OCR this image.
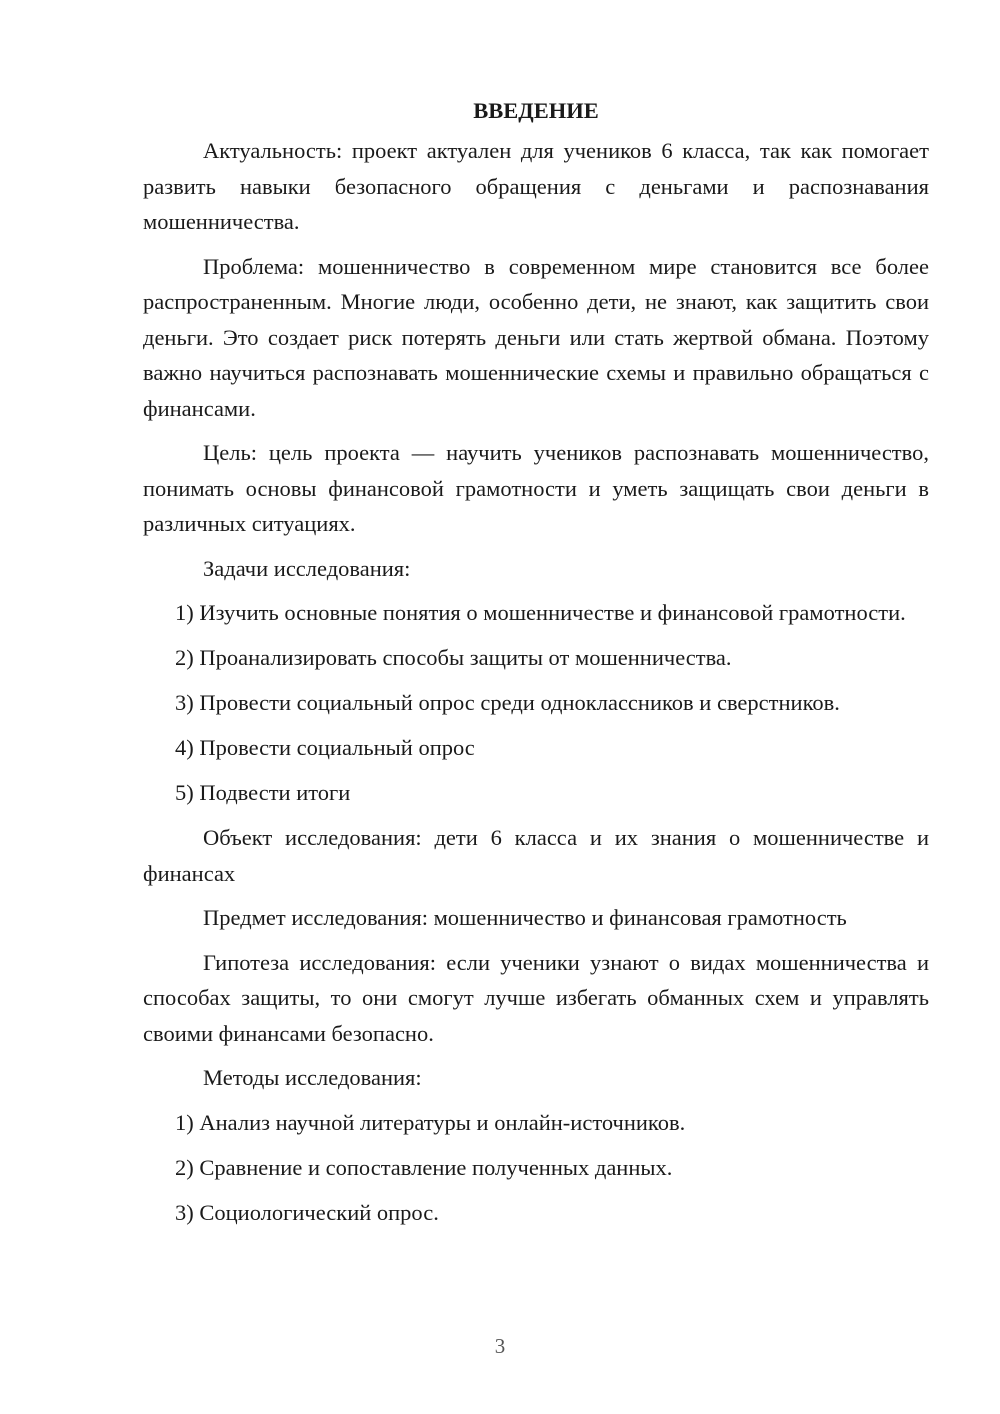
ВВЕДЕНИЕ

Актуальность: проект актуален для учеников 6 класса, так как помогает развить навыки безопасного обращения с деньгами и распознавания мошенничества.

Проблема: мошенничество в современном мире становится все более распространенным. Многие люди, особенно дети, не знают, как защитить свои деньги. Это создает риск потерять деньги или стать жертвой обмана. Поэтому важно научиться распознавать мошеннические схемы и правильно обращаться с финансами.

Цель: цель проекта — научить учеников распознавать мошенничество, понимать основы финансовой грамотности и уметь защищать свои деньги в различных ситуациях.

Задачи исследования:

1) Изучить основные понятия о мошенничестве и финансовой грамотности.

2) Проанализировать способы защиты от мошенничества.

3) Провести социальный опрос среди одноклассников и сверстников.

4) Провести социальный опрос

5) Подвести итоги

Объект исследования: дети 6 класса и их знания о мошенничестве и финансах

Предмет исследования: мошенничество и финансовая грамотность

Гипотеза исследования: если ученики узнают о видах мошенничества и способах защиты, то они смогут лучше избегать обманных схем и управлять своими финансами безопасно.

Методы исследования:

1) Анализ научной литературы и онлайн-источников.

2) Сравнение и сопоставление полученных данных.

3) Социологический опрос.

3
